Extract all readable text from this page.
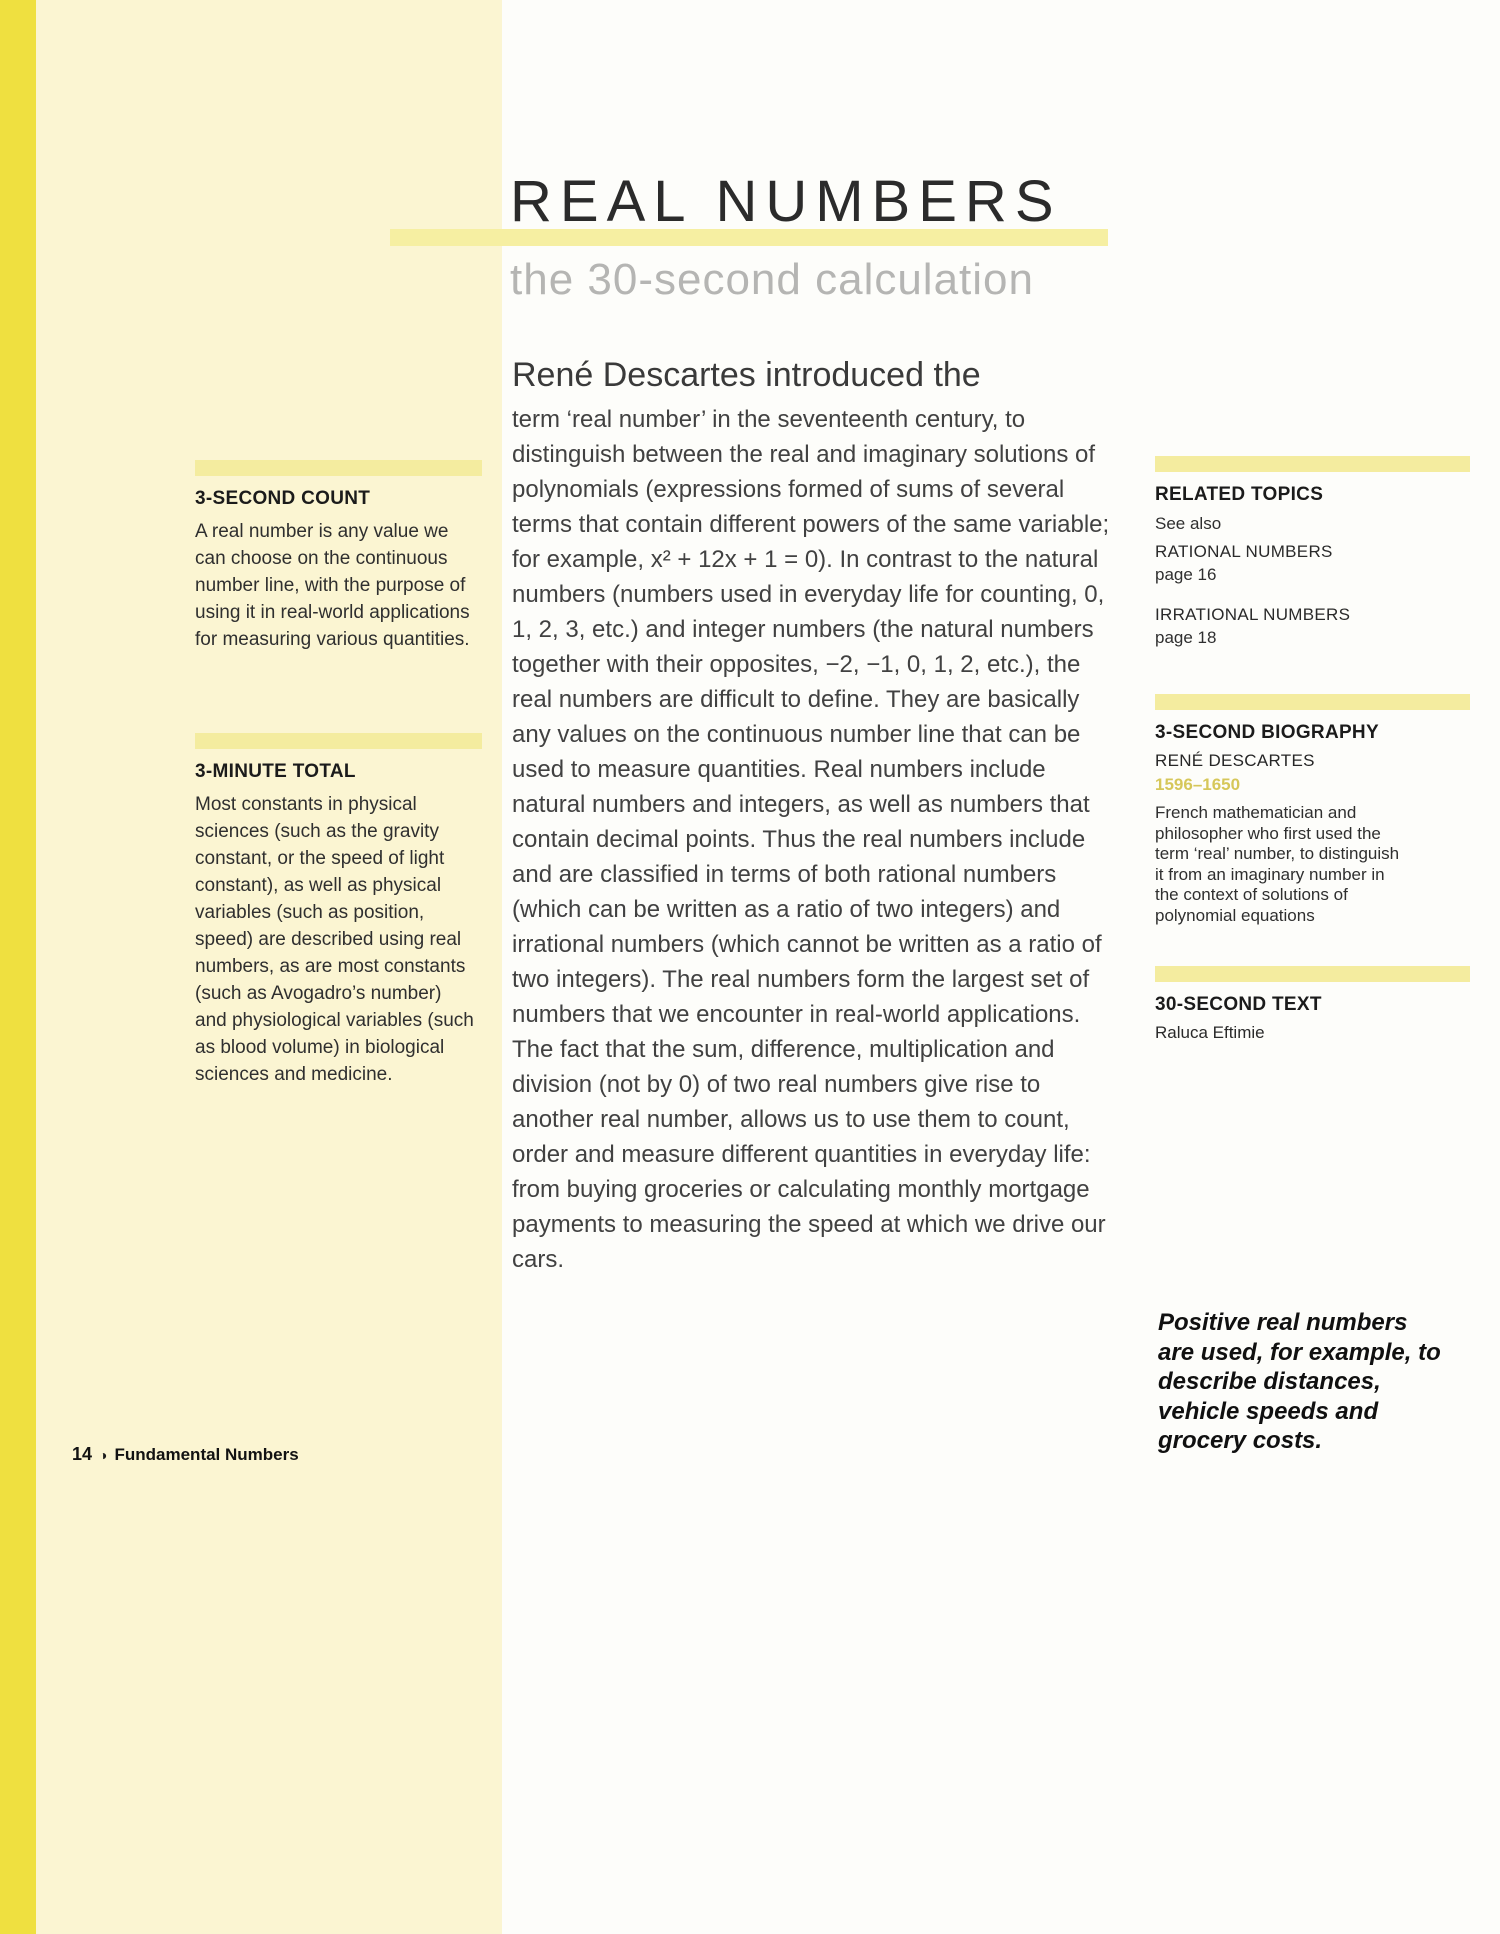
3-SECOND COUNT

A real number is any value we can choose on the continuous number line, with the purpose of using it in real-world applications for measuring various quantities.

3-MINUTE TOTAL

Most constants in physical sciences (such as the gravity constant, or the speed of light constant), as well as physical variables (such as position, speed) are described using real numbers, as are most constants (such as Avogadro’s number) and physiological variables (such as blood volume) in biological sciences and medicine.

REAL NUMBERS
the 30-second calculation
René Descartes introduced the
term ‘real number’ in the seventeenth century, to distinguish between the real and imaginary solutions of polynomials (expressions formed of sums of several terms that contain different powers of the same variable; for example, x² + 12x + 1 = 0). In contrast to the natural numbers (numbers used in everyday life for counting, 0, 1, 2, 3, etc.) and integer numbers (the natural numbers together with their opposites, −2, −1, 0, 1, 2, etc.), the real numbers are difficult to define. They are basically any values on the continuous number line that can be used to measure quantities. Real numbers include natural numbers and integers, as well as numbers that contain decimal points. Thus the real numbers include and are classified in terms of both rational numbers (which can be written as a ratio of two integers) and irrational numbers (which cannot be written as a ratio of two integers). The real numbers form the largest set of numbers that we encounter in real-world applications. The fact that the sum, difference, multiplication and division (not by 0) of two real numbers give rise to another real number, allows us to use them to count, order and measure different quantities in everyday life: from buying groceries or calculating monthly mortgage payments to measuring the speed at which we drive our cars.
RELATED TOPICS
See also
RATIONAL NUMBERS
page 16
IRRATIONAL NUMBERS
page 18
3-SECOND BIOGRAPHY
RENÉ DESCARTES
1596–1650

French mathematician and philosopher who first used the term ‘real’ number, to distinguish it from an imaginary number in the context of solutions of polynomial equations

30-SECOND TEXT
Raluca Eftimie

Positive real numbers are used, for example, to describe distances, vehicle speeds and grocery costs.

14 ◑ Fundamental Numbers
